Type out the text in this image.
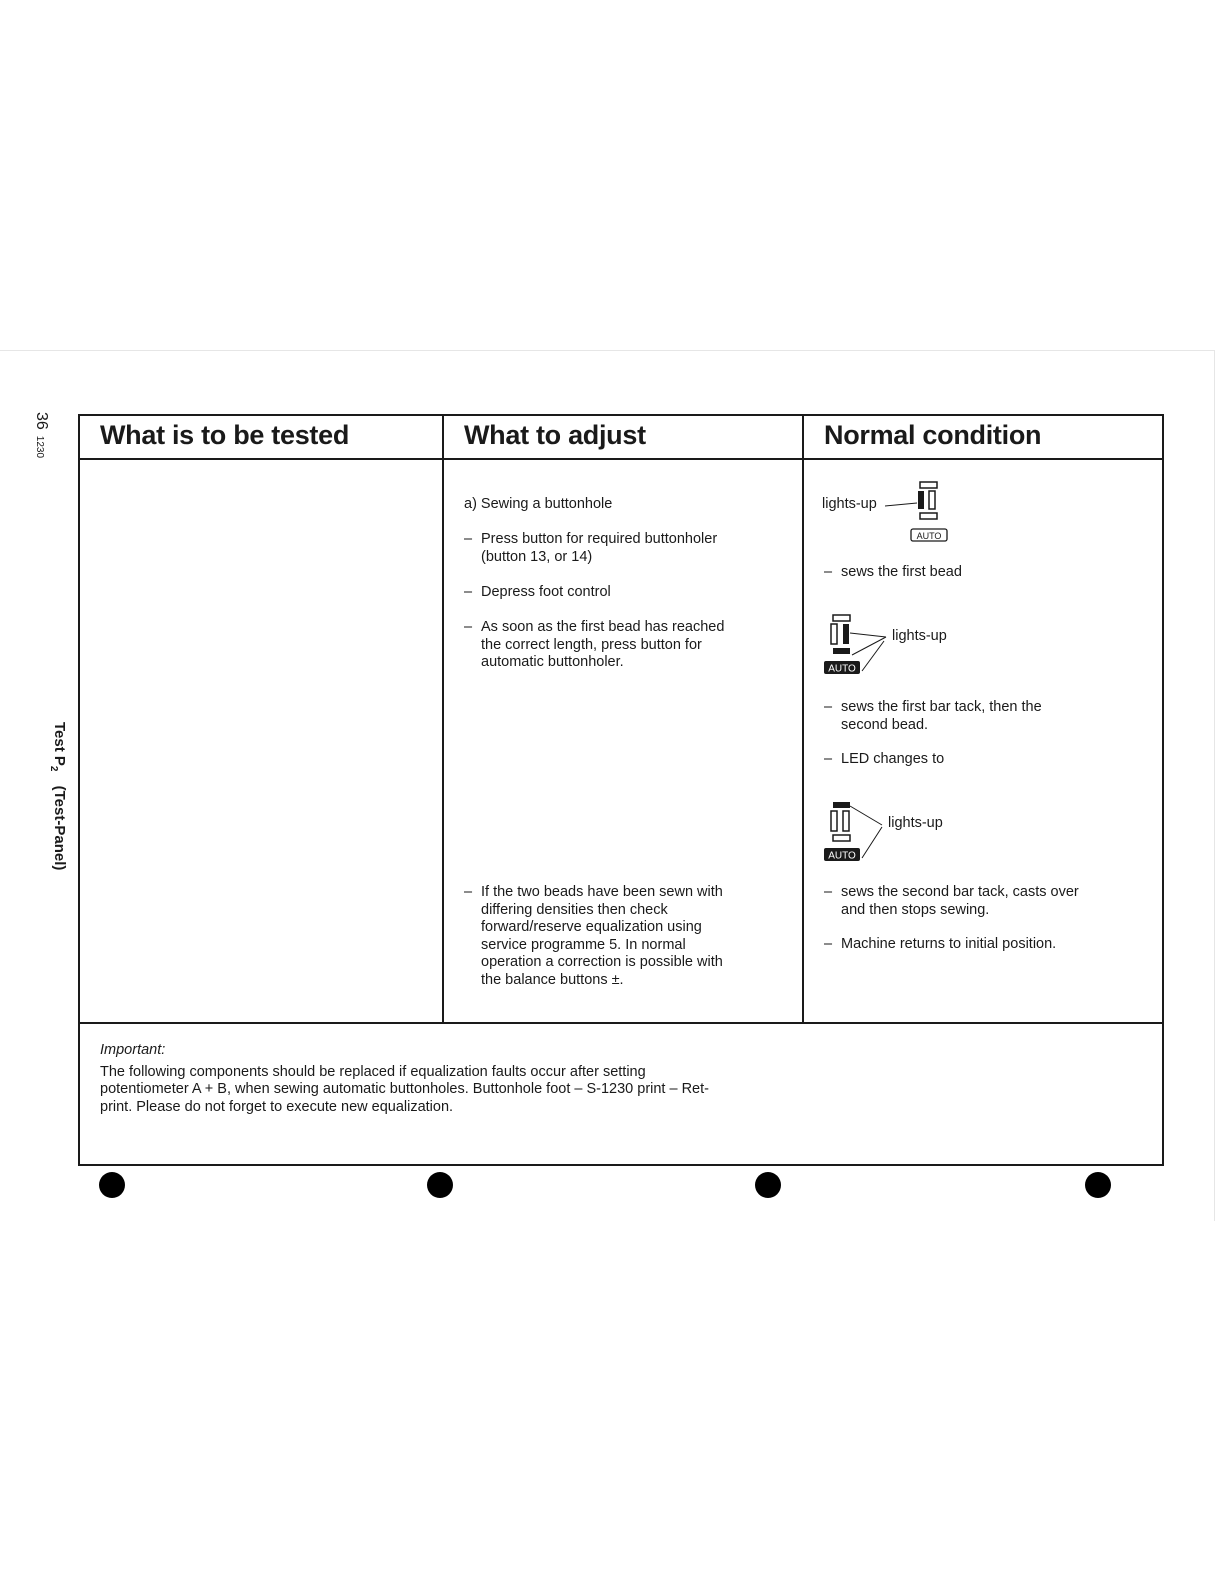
361230
Test $P_2$ (Test-Panel)
What is to be tested	What to adjust	Normal condition
a) Sewing a buttonhole
– Press button for required buttonholer (button 13, or 14)
– Depress foot control
– As soon as the first bead has reached the correct length, press button for automatic buttonholer.
– If the two beads have been sewn with differing densities then check forward/reserve equalization using service programme 5. In normal operation a correction is possible with the balance buttons ±.
lights-up
AUTO
– sews the first bead
AUTO
lights-up
– sews the first bar tack, then the second bead.
– LED changes to
AUTO
lights-up
– sews the second bar tack, casts over and then stops sewing.
– Machine returns to initial position.
Important:
The following components should be replaced if equalization faults occur after setting potentiometer A + B, when sewing automatic buttonholes. Buttonhole foot – S-1230 print – Ret-print. Please do not forget to execute new equalization.
